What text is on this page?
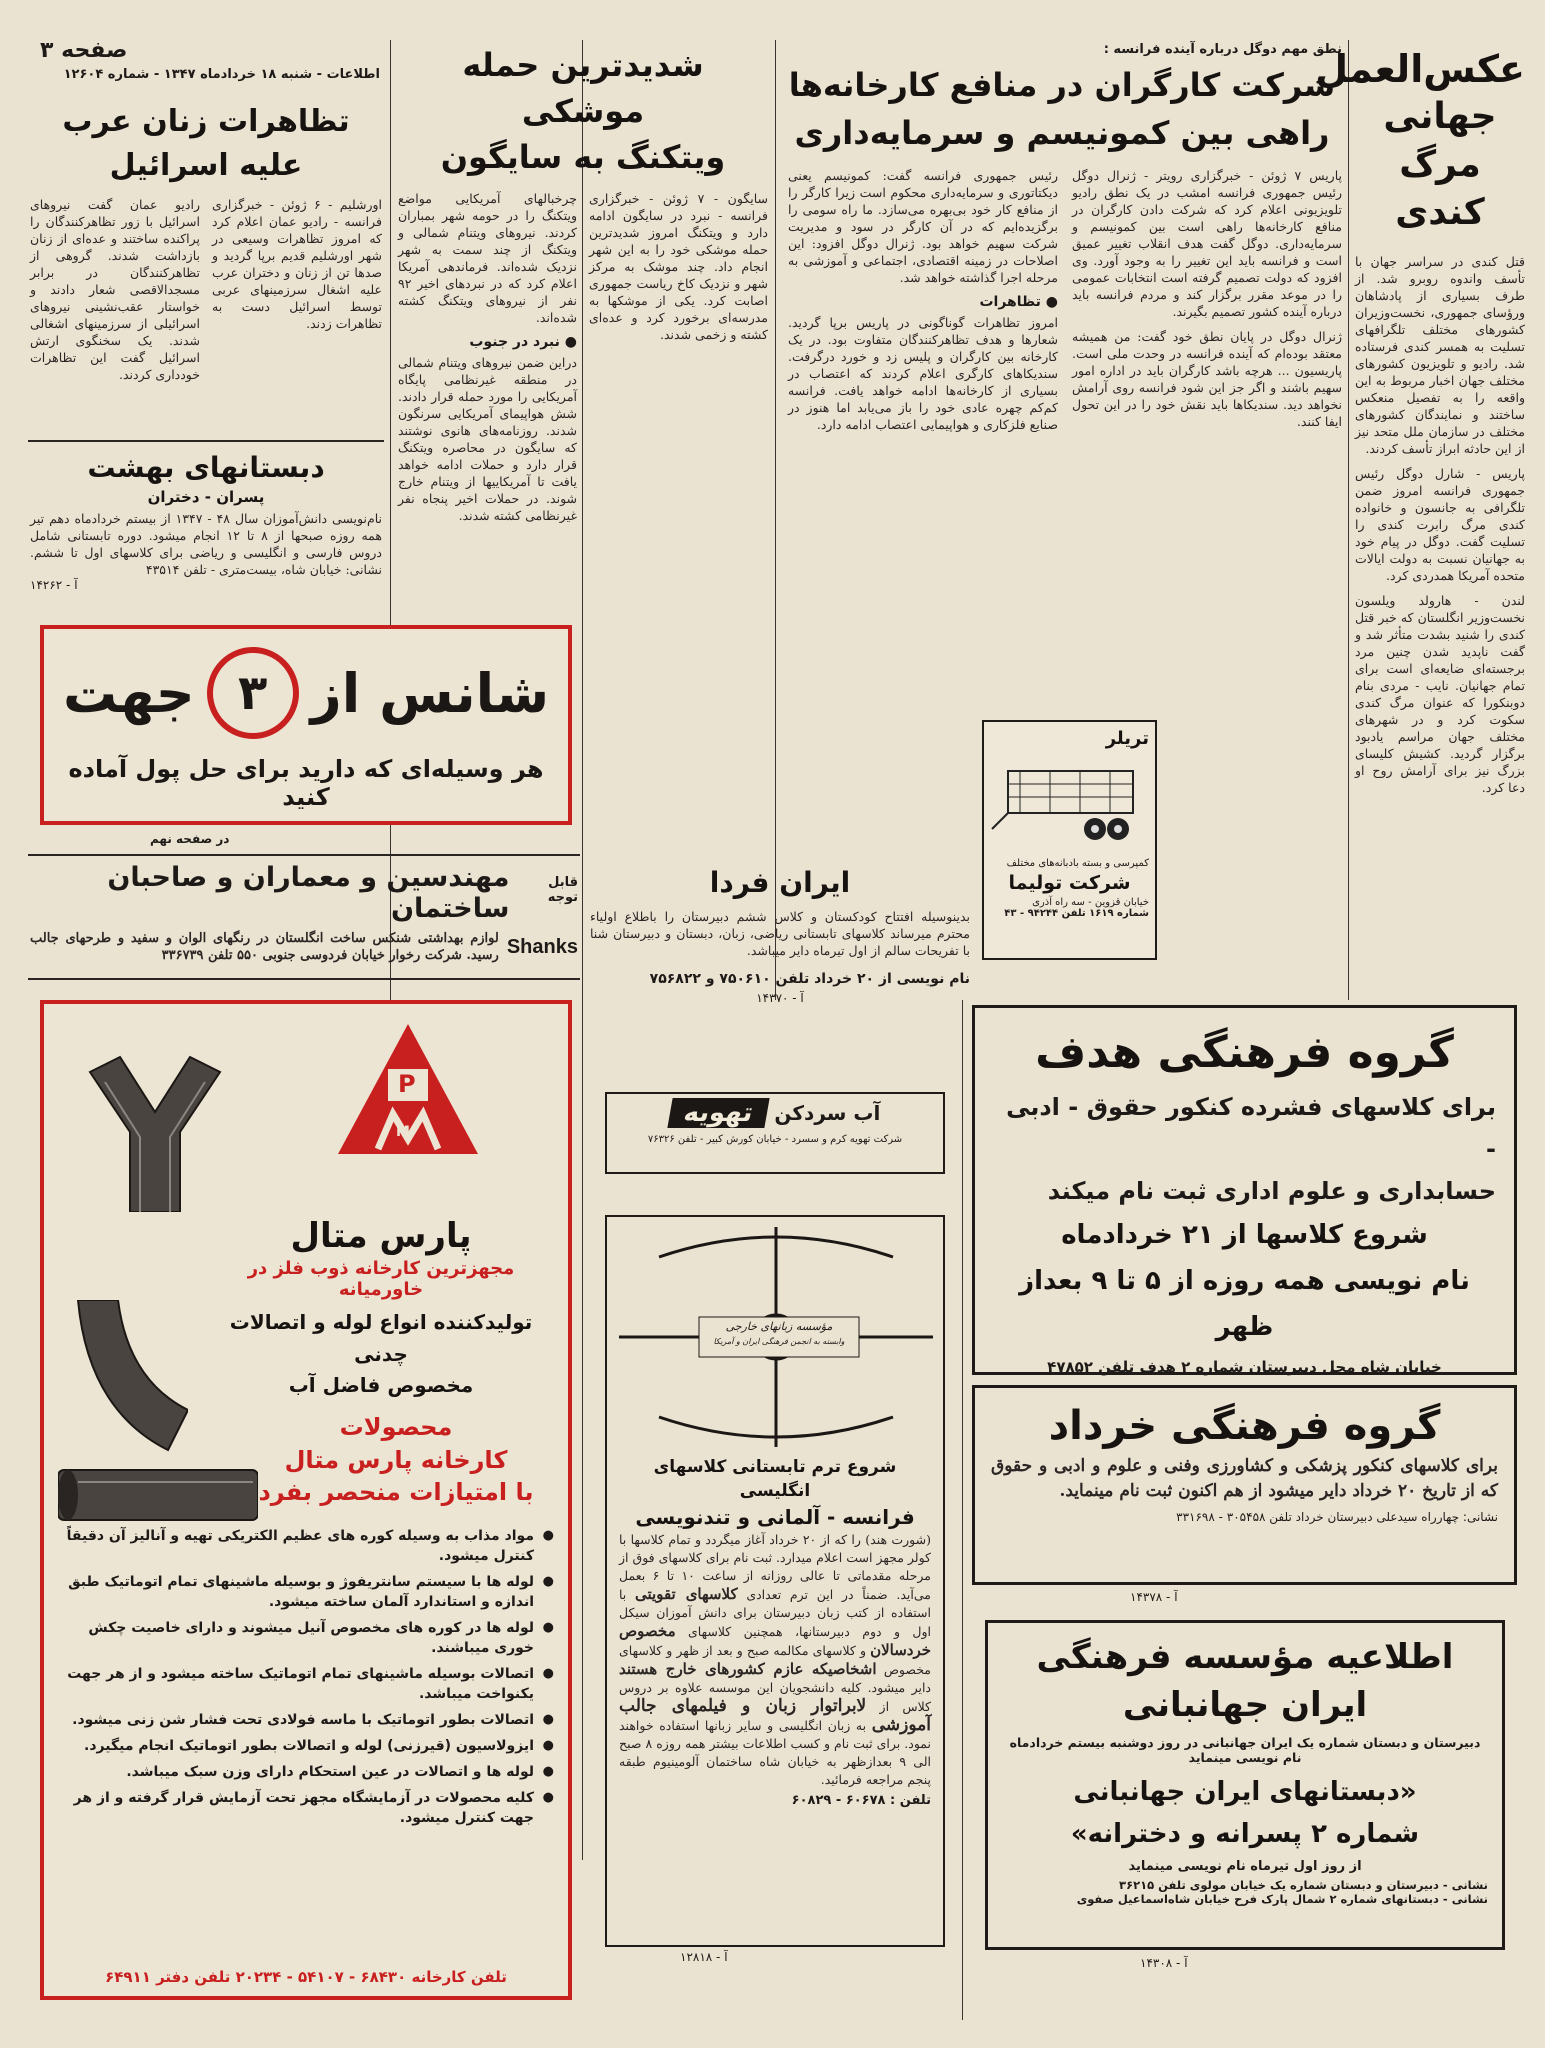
صفحه ۳
اطلاعات - شنبه ۱۸ خردادماه ۱۳۴۷ - شماره ۱۲۶۰۴	عکس‌العمل
جهانی
مرگ کندی
قتل کندی در سراسر جهان با تأسف واندوه روبرو شد. از طرف بسیاری از پادشاهان ورؤسای جمهوری، نخست‌وزیران کشورهای مختلف تلگرافهای تسلیت به همسر کندی فرستاده شد. رادیو و تلویزیون کشورهای مختلف جهان اخبار مربوط به این واقعه را به تفصیل منعکس ساختند و نمایندگان کشورهای مختلف در سازمان ملل متحد نیز از این حادثه ابراز تأسف کردند.
پاریس - شارل دوگل رئیس جمهوری فرانسه امروز ضمن تلگرافی به جانسون و خانواده کندی مرگ رابرت کندی را تسلیت گفت. دوگل در پیام خود به جهانیان نسبت به دولت ایالات متحده آمریکا همدردی کرد.
لندن - هارولد ویلسون نخست‌وزیر انگلستان که خبر قتل کندی را شنید بشدت متأثر شد و گفت ناپدید شدن چنین مرد برجسته‌ای ضایعه‌ای است برای تمام جهانیان. نایب - مردی بنام دوبنکورا که عنوان مرگ کندی سکوت کرد و در شهرهای مختلف جهان مراسم یادبود برگزار گردید. کشیش کلیسای بزرگ نیز برای آرامش روح او دعا کرد.
نطق مهم دوگل درباره آینده فرانسه :
شرکت کارگران در منافع کارخانه‌ها
راهی بین کمونیسم و سرمایه‌داری
پاریس ۷ ژوئن - خبرگزاری رویتر - ژنرال دوگل رئیس جمهوری فرانسه امشب در یک نطق رادیو تلویزیونی اعلام کرد که شرکت دادن کارگران در منافع کارخانه‌ها راهی است بین کمونیسم و سرمایه‌داری. دوگل گفت هدف انقلاب تغییر عمیق است و فرانسه باید این تغییر را به وجود آورد. وی افزود که دولت تصمیم گرفته است انتخابات عمومی را در موعد مقرر برگزار کند و مردم فرانسه باید درباره آینده کشور تصمیم بگیرند.
ژنرال دوگل در پایان نطق خود گفت: من همیشه معتقد بوده‌ام که آینده فرانسه در وحدت ملی است. پاریسیون ... هرچه باشد کارگران باید در اداره امور سهیم باشند و اگر جز این شود فرانسه روی آرامش نخواهد دید. سندیکاها باید نقش خود را در این تحول ایفا کنند.
رئیس جمهوری فرانسه گفت: کمونیسم یعنی دیکتاتوری و سرمایه‌داری محکوم است زیرا کارگر را از منافع کار خود بی‌بهره می‌سازد. ما راه سومی را برگزیده‌ایم که در آن کارگر در سود و مدیریت شرکت سهیم خواهد بود. ژنرال دوگل افزود: این اصلاحات در زمینه اقتصادی، اجتماعی و آموزشی به مرحله اجرا گذاشته خواهد شد.
● تظاهرات
امروز تظاهرات گوناگونی در پاریس برپا گردید. شعارها و هدف تظاهرکنندگان متفاوت بود. در یک کارخانه بین کارگران و پلیس زد و خورد درگرفت. سندیکاهای کارگری اعلام کردند که اعتصاب در بسیاری از کارخانه‌ها ادامه خواهد یافت. فرانسه کم‌کم چهره عادی خود را باز می‌یابد اما هنوز در صنایع فلزکاری و هواپیمایی اعتصاب ادامه دارد.
تریلر
کمپرسی و بسته بادبانه‌های مختلف
شرکت تولیما
خیابان قزوین - سه راه آذری
شماره ۱۶۱۹ تلفن ۹۴۲۴۴ - ۴۳
شدیدترین حمله موشکی
ویتکنگ به سایگون
سایگون - ۷ ژوئن - خبرگزاری فرانسه - نبرد در سایگون ادامه دارد و ویتکنگ امروز شدیدترین حمله موشکی خود را به این شهر انجام داد. چند موشک به مرکز شهر و نزدیک کاخ ریاست جمهوری اصابت کرد. یکی از موشکها به مدرسه‌ای برخورد کرد و عده‌ای کشته و زخمی شدند.
چرخبالهای آمریکایی مواضع ویتکنگ را در حومه شهر بمباران کردند. نیروهای ویتنام شمالی و ویتکنگ از چند سمت به شهر نزدیک شده‌اند. فرماندهی آمریکا اعلام کرد که در نبردهای اخیر ۹۲ نفر از نیروهای ویتکنگ کشته شده‌اند.
● نبرد در جنوب
دراین ضمن نیروهای ویتنام شمالی در منطقه غیرنظامی پایگاه آمریکایی را مورد حمله قرار دادند. شش هواپیمای آمریکایی سرنگون شدند. روزنامه‌های هانوی نوشتند که سایگون در محاصره ویتکنگ قرار دارد و حملات ادامه خواهد یافت تا آمریکاییها از ویتنام خارج شوند. در حملات اخیر پنجاه نفر غیرنظامی کشته شدند.
تظاهرات زنان عرب
علیه اسرائیل
اورشلیم - ۶ ژوئن - خبرگزاری فرانسه - رادیو عمان اعلام کرد که امروز تظاهرات وسیعی در شهر اورشلیم قدیم برپا گردید و صدها تن از زنان و دختران عرب علیه اشغال سرزمینهای عربی توسط اسرائیل دست به تظاهرات زدند.
رادیو عمان گفت نیروهای اسرائیل با زور تظاهرکنندگان را پراکنده ساختند و عده‌ای از زنان بازداشت شدند. گروهی از تظاهرکنندگان در برابر مسجدالاقصی شعار دادند و خواستار عقب‌نشینی نیروهای اسرائیلی از سرزمینهای اشغالی شدند. یک سخنگوی ارتش اسرائیل گفت این تظاهرات خودداری کردند.
دبستانهای بهشت
پسران - دختران
نام‌نویسی دانش‌آموزان سال ۴۸ - ۱۳۴۷ از بیستم خردادماه دهم تیر همه روزه صبحها از ۸ تا ۱۲ انجام میشود. دوره تابستانی شامل دروس فارسی و انگلیسی و ریاضی برای کلاسهای اول تا ششم. نشانی: خیابان شاه، بیست‌متری - تلفن ۴۳۵۱۴
آ - ۱۴۲۶۲
شانس از
۳
جهت
هر وسیله‌ای که دارید برای حل پول آماده کنید
در صفحه نهم
قابل توجه
مهندسین و معماران و صاحبان ساختمان
Shanks
لوازم بهداشتی شنکس ساخت انگلستان در رنگهای الوان و سفید و طرحهای جالب رسید. شرکت رخوار خیابان فردوسی جنوبی ۵۵۰ تلفن ۳۳۶۷۳۹
ایران فردا
بدینوسیله افتتاح کودکستان و کلاس ششم دبیرستان را باطلاع اولیاء محترم میرساند کلاسهای تابستانی ریاضی، زبان، دبستان و دبیرستان شنا با تفریحات سالم از اول تیرماه دایر میباشد.
نام نویسی از ۲۰ خرداد تلفن ۷۵۰۶۱۰ و ۷۵۶۸۲۲
آ - ۱۴۳۷۰
گروه فرهنگی هدف
برای کلاسهای فشرده کنکور حقوق - ادبی -
حسابداری و علوم اداری ثبت نام میکند
شروع کلاسها از ۲۱ خردادماه
نام نویسی همه روزه از ۵ تا ۹ بعداز ظهر
خیابان شاه محل دبیرستان شماره ۲ هدف تلفن ۴۷۸۵۲
گروه فرهنگی خرداد
برای کلاسهای کنکور پزشکی و کشاورزی وفنی و علوم و ادبی و حقوق که از تاریخ ۲۰ خرداد دایر میشود از هم اکنون ثبت نام مینماید.
نشانی: چهارراه سیدعلی دبیرستان خرداد تلفن ۳۰۵۴۵۸ - ۳۳۱۶۹۸
آ - ۱۴۳۷۸
اطلاعیه مؤسسه فرهنگی
ایران جهانبانی
دبیرستان و دبستان شماره یک ایران جهانبانی در روز دوشنبه بیستم خردادماه نام نویسی مینماید
«دبستانهای ایران جهانبانی
شماره ۲ پسرانه و دخترانه»
از روز اول تیرماه نام نویسی مینماید
نشانی - دبیرستان و دبستان شماره یک خیابان مولوی تلفن ۳۶۲۱۵
نشانی - دبستانهای شماره ۲ شمال پارک فرح خیابان شاه‌اسماعیل صفوی
آ - ۱۴۳۰۸
آب سردکن
تهویه
شرکت تهویه کرم و سسرد - خیابان کورش کبیر - تلفن ۷۶۳۲۶
مؤسسه زبانهای خارجی
وابسته به انجمن فرهنگی ایران و آمریکا
شروع ترم تابستانی کلاسهای انگلیسی
فرانسه - آلمانی و تندنویسی
(شورت هند) را که از ۲۰ خرداد آغاز میگردد و تمام کلاسها با کولر مجهز است اعلام میدارد. ثبت نام برای کلاسهای فوق از مرحله مقدماتی تا عالی روزانه از ساعت ۱۰ تا ۶ بعمل می‌آید. ضمناً در این ترم تعدادی کلاسهای تقویتی با استفاده از کتب زبان دبیرستان برای دانش آموزان سیکل اول و دوم دبیرستانها، همچنین کلاسهای مخصوص خردسالان و کلاسهای مکالمه صبح و بعد از ظهر و کلاسهای مخصوص اشخاصیکه عازم کشورهای خارج هستند دایر میشود. کلیه دانشجویان این موسسه علاوه بر دروس کلاس از لابراتوار زبان و فیلمهای جالب آموزشی به زبان انگلیسی و سایر زبانها استفاده خواهند نمود. برای ثبت نام و کسب اطلاعات بیشتر همه روزه ۸ صبح الی ۹ بعدازظهر به خیابان شاه ساختمان آلومینیوم طبقه پنجم مراجعه فرمائید.
تلفن : ۶۰۶۷۸ - ۶۰۸۲۹
آ - ۱۲۸۱۸
P
M
پارس متال
مجهزترین کارخانه ذوب فلز در خاورمیانه
تولیدکننده انواع لوله و اتصالات چدنی
مخصوص فاضل آب
محصولات
کارخانه پارس متال
با امتیازات منحصر بفرد
● مواد مذاب به وسیله کوره های عظیم الکتریکی تهیه و آنالیز آن دقیقاً کنترل میشود.
● لوله ها با سیستم سانتریفوژ و بوسیله ماشینهای تمام اتوماتیک طبق اندازه و استاندارد آلمان ساخته میشود.
● لوله ها در کوره های مخصوص آنیل میشوند و دارای خاصیت چکش خوری میباشند.
● اتصالات بوسیله ماشینهای تمام اتوماتیک ساخته میشود و از هر جهت یکنواخت میباشد.
● اتصالات بطور اتوماتیک با ماسه فولادی تحت فشار شن زنی میشود.
● ایزولاسیون (قیرزنی) لوله و اتصالات بطور اتوماتیک انجام میگیرد.
● لوله ها و اتصالات در عین استحکام دارای وزن سبک میباشد.
● کلیه محصولات در آزمایشگاه مجهز تحت آزمایش قرار گرفته و از هر جهت کنترل میشود.
تلفن کارخانه ۶۸۴۳۰ - ۵۴۱۰۷ - ۲۰۲۳۴ تلفن دفتر ۶۴۹۱۱
